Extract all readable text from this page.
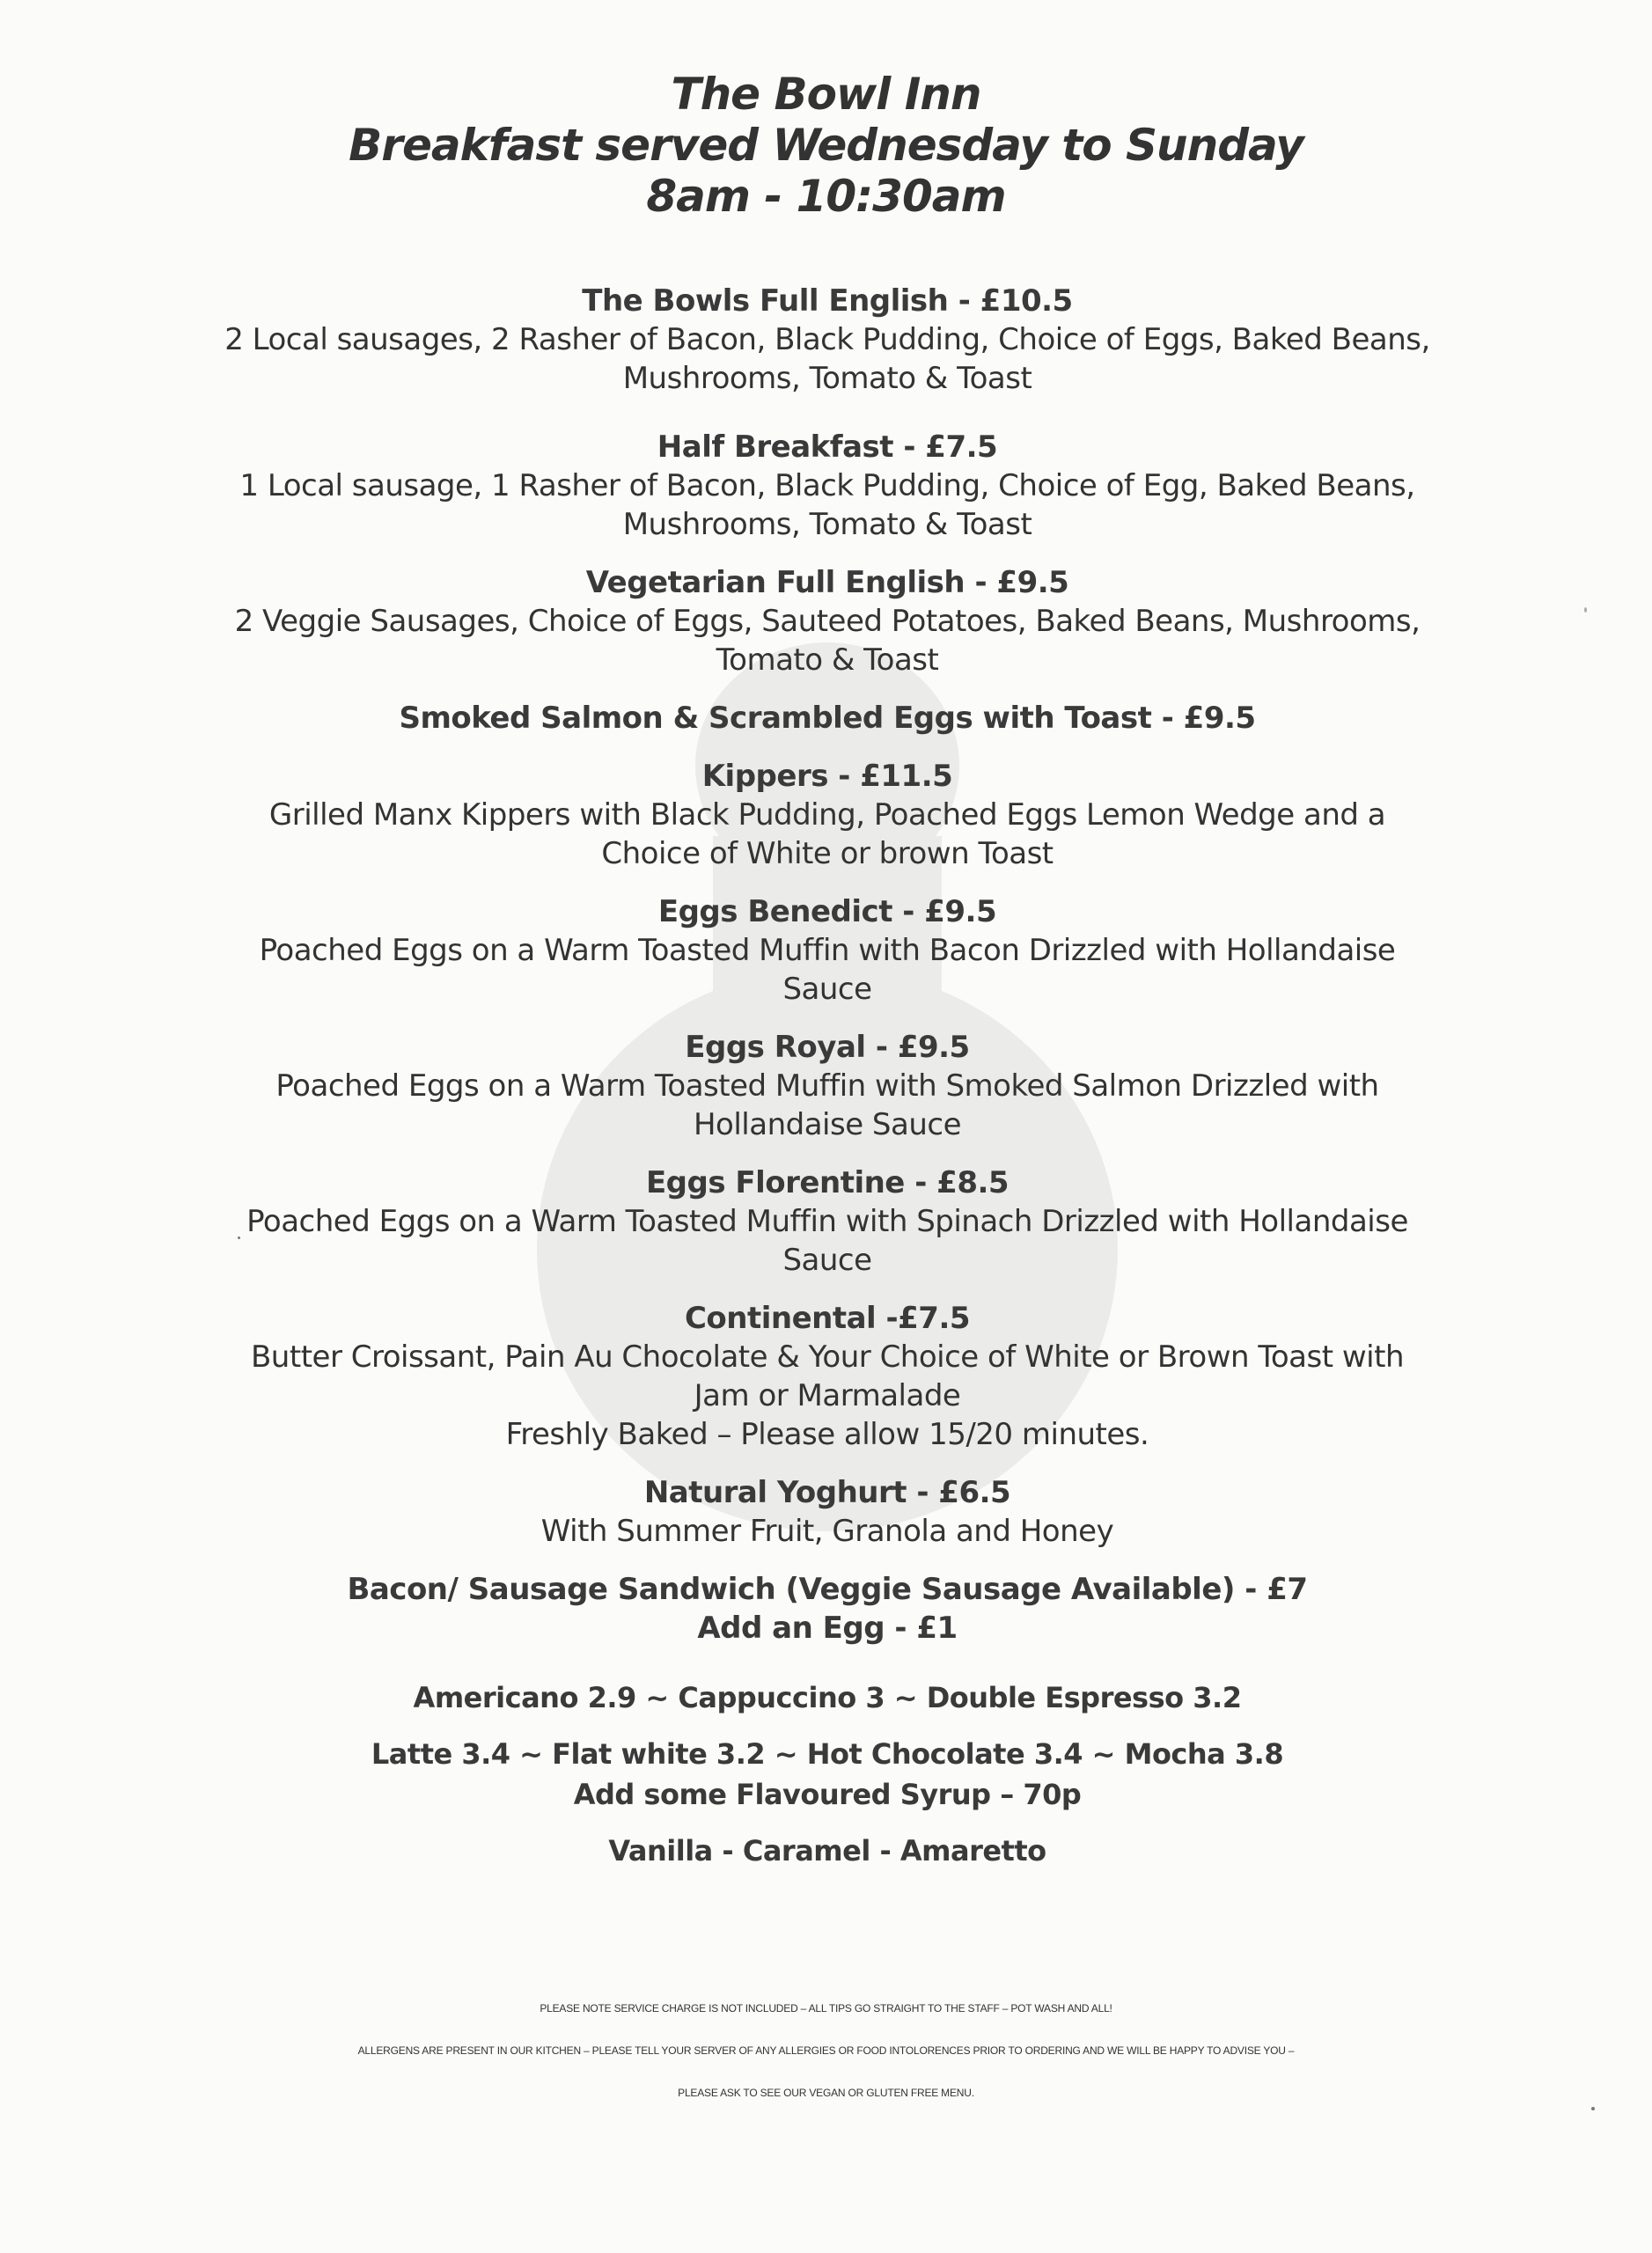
The Bowl Inn
Breakfast served Wednesday to Sunday
8am - 10:30am
The Bowls Full English - £10.5
2 Local sausages, 2 Rasher of Bacon, Black Pudding, Choice of Eggs, Baked Beans,
Mushrooms, Tomato & Toast
Half Breakfast - £7.5
1 Local sausage, 1 Rasher of Bacon, Black Pudding, Choice of Egg, Baked Beans,
Mushrooms, Tomato & Toast
Vegetarian Full English - £9.5
2 Veggie Sausages, Choice of Eggs, Sauteed Potatoes, Baked Beans, Mushrooms,
Tomato & Toast
Smoked Salmon & Scrambled Eggs with Toast - £9.5
Kippers - £11.5
Grilled Manx Kippers with Black Pudding, Poached Eggs Lemon Wedge and a
Choice of White or brown Toast
Eggs Benedict - £9.5
Poached Eggs on a Warm Toasted Muffin with Bacon Drizzled with Hollandaise
Sauce
Eggs Royal - £9.5
Poached Eggs on a Warm Toasted Muffin with Smoked Salmon Drizzled with
Hollandaise Sauce
Eggs Florentine - £8.5
Poached Eggs on a Warm Toasted Muffin with Spinach Drizzled with Hollandaise
Sauce
Continental -£7.5
Butter Croissant, Pain Au Chocolate & Your Choice of White or Brown Toast with
Jam or Marmalade
Freshly Baked – Please allow 15/20 minutes.
Natural Yoghurt - £6.5
With Summer Fruit, Granola and Honey
Bacon/ Sausage Sandwich (Veggie Sausage Available) - £7
Add an Egg - £1
Americano 2.9 ~ Cappuccino 3 ~ Double Espresso 3.2
Latte 3.4 ~ Flat white 3.2 ~ Hot Chocolate 3.4 ~ Mocha 3.8
Add some Flavoured Syrup – 70p
Vanilla - Caramel - Amaretto
PLEASE NOTE SERVICE CHARGE IS NOT INCLUDED – ALL TIPS GO STRAIGHT TO THE STAFF – POT WASH AND ALL!
ALLERGENS ARE PRESENT IN OUR KITCHEN – PLEASE TELL YOUR SERVER OF ANY ALLERGIES OR FOOD INTOLORENCES PRIOR TO ORDERING AND WE WILL BE HAPPY TO ADVISE YOU –
PLEASE ASK TO SEE OUR VEGAN OR GLUTEN FREE MENU.
